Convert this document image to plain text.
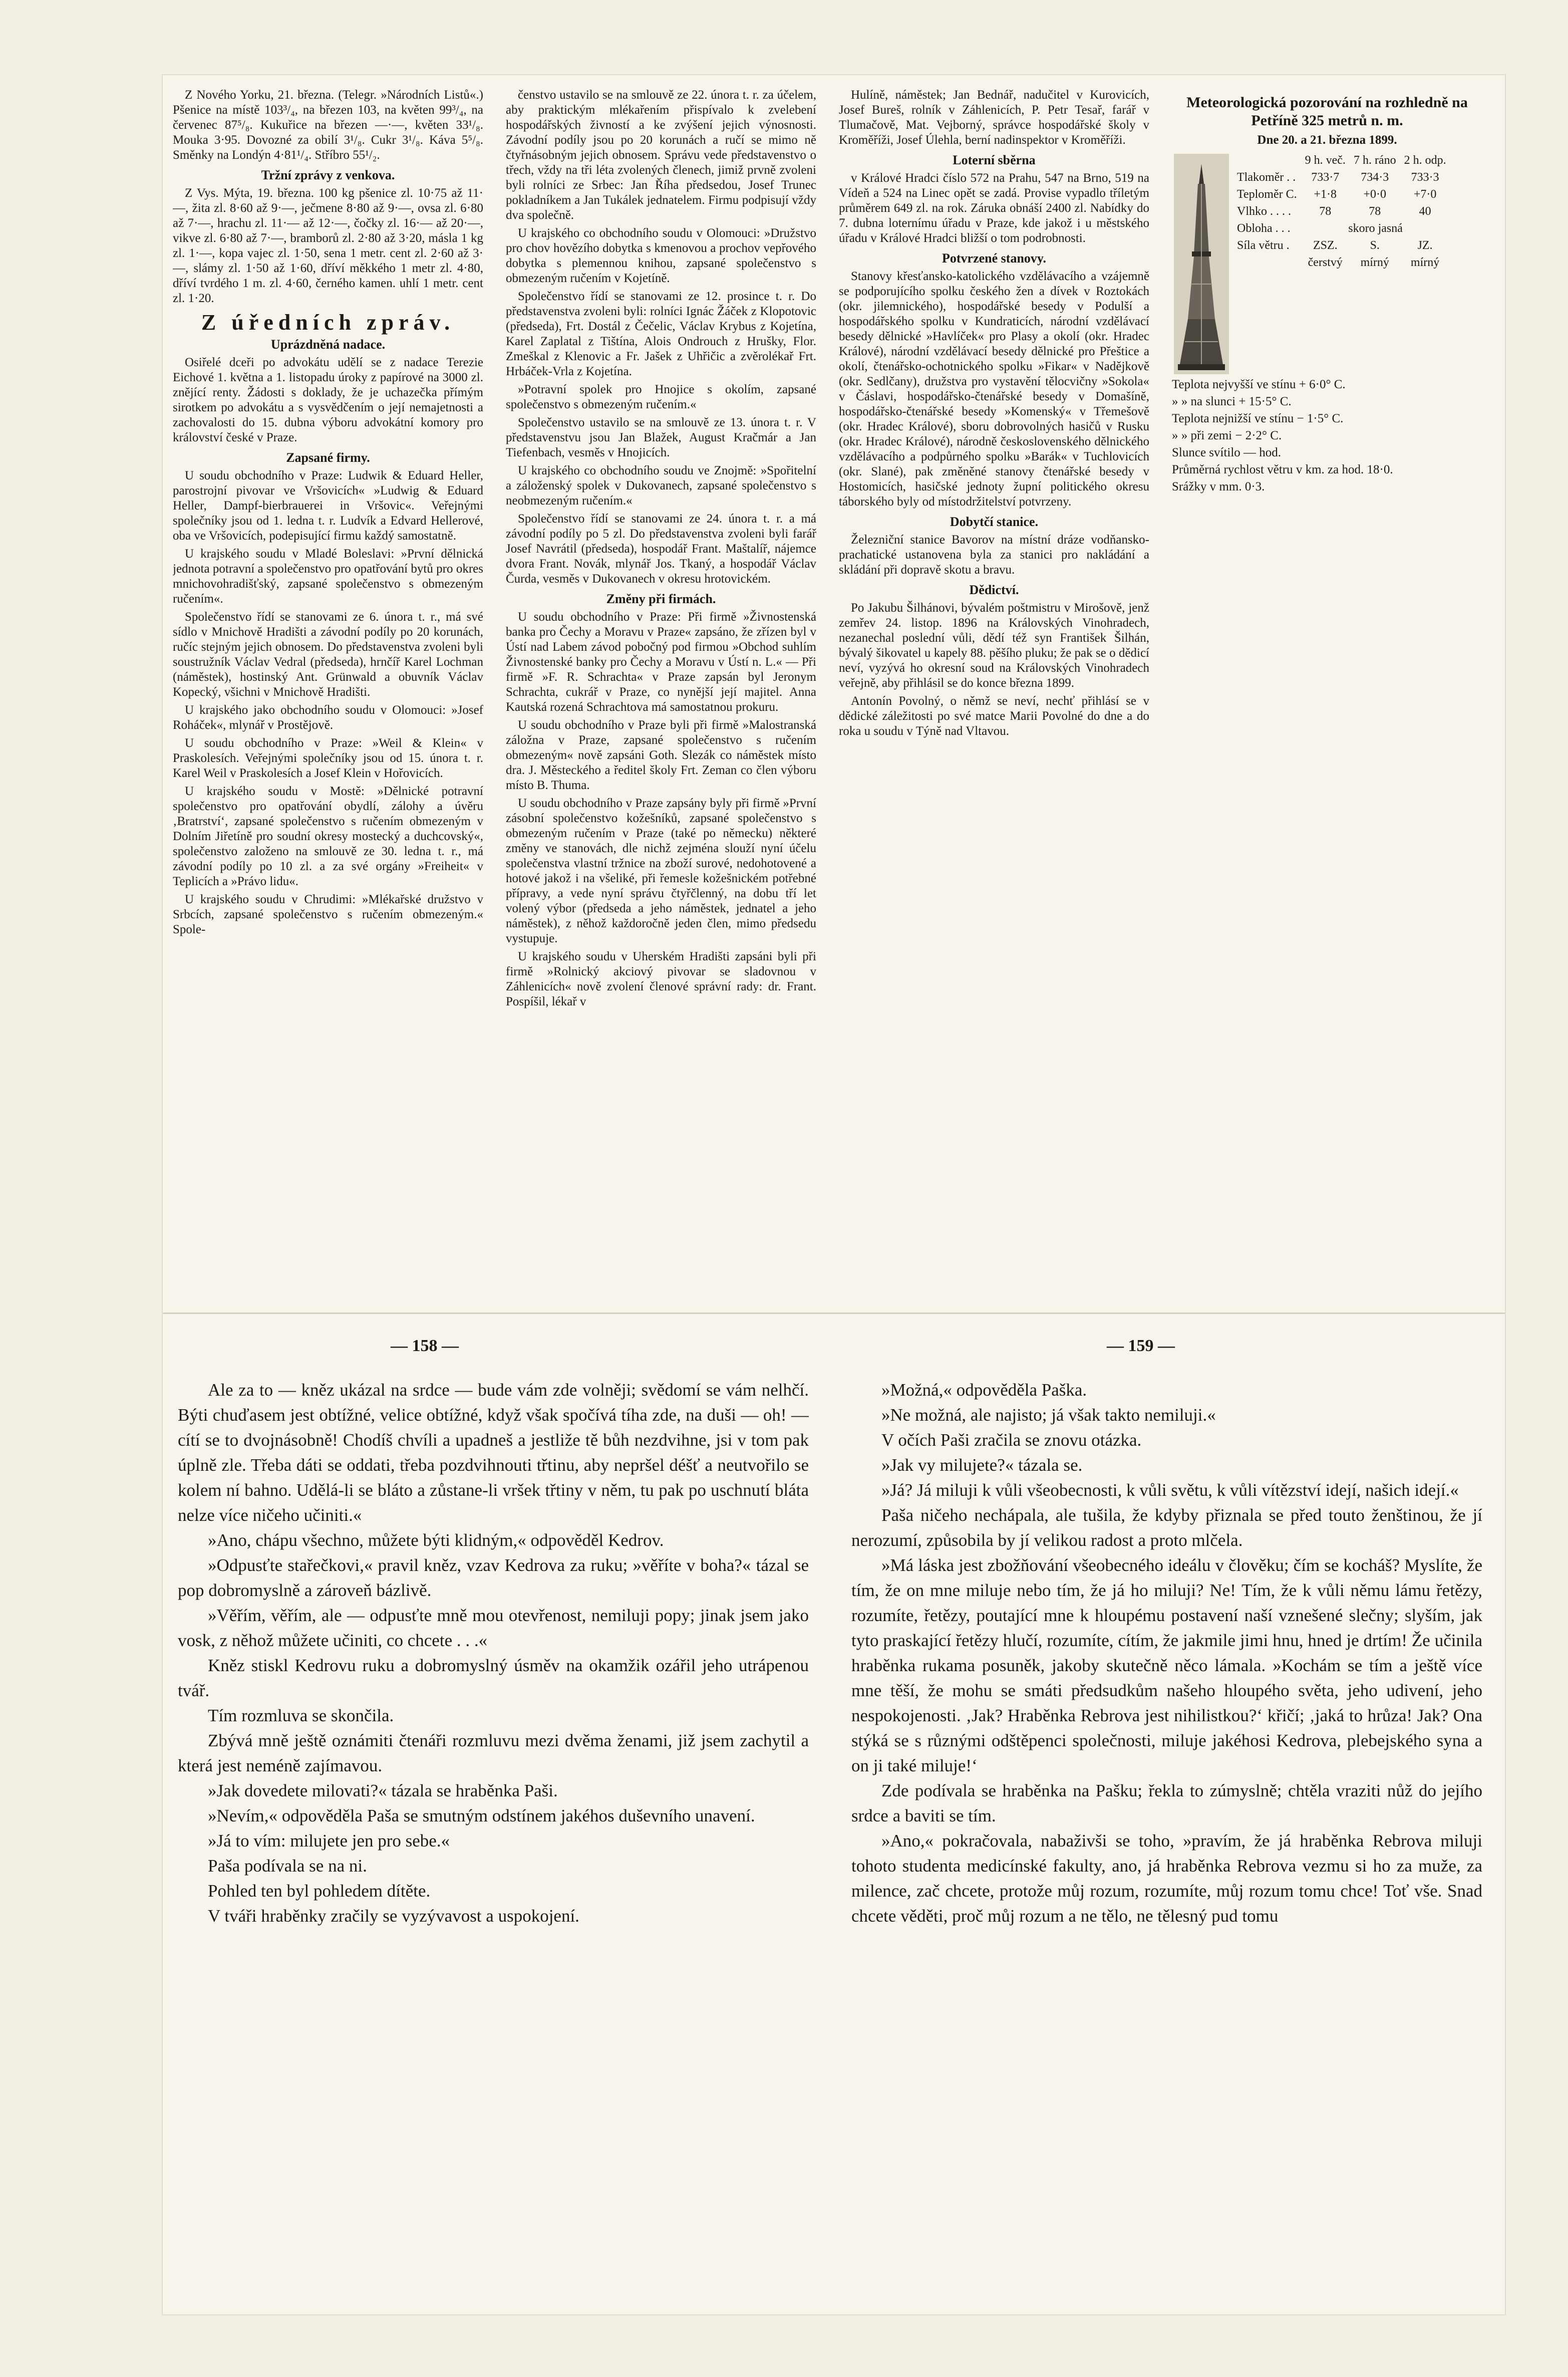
Z Nového Yorku, 21. března. (Telegr. »Národních Listů«.) Pšenice na místě 103³/₄, na březen 103, na květen 99³/₄, na červenec 87⁵/₈. Kukuřice na březen —·—, květen 33¹/₈. Mouka 3·95. Dovozné za obilí 3¹/₈. Cukr 3¹/₈. Káva 5⁵/₈. Směnky na Londýn 4·81¹/₄. Stříbro 55¹/₂.

Tržní zprávy z venkova.

Z Vys. Mýta, 19. března. 100 kg pšenice zl. 10·75 až 11·—, žita zl. 8·60 až 9·—, ječmene 8·80 až 9·—, ovsa zl. 6·80 až 7·—, hrachu zl. 11·— až 12·—, čočky zl. 16·— až 20·—, vikve zl. 6·80 až 7·—, bramborů zl. 2·80 až 3·20, másla 1 kg zl. 1·—, kopa vajec zl. 1·50, sena 1 metr. cent zl. 2·60 až 3·—, slámy zl. 1·50 až 1·60, dříví měkkého 1 metr zl. 4·80, dříví tvrdého 1 m. zl. 4·60, černého kamen. uhlí 1 metr. cent zl. 1·20.

Z úředních zpráv.
Uprázdněná nadace.

Osiřelé dceři po advokátu udělí se z nadace Terezie Eichové 1. května a 1. listopadu úroky z papírové na 3000 zl. znějící renty. Žádosti s doklady, že je uchazečka přímým sirotkem po advokátu a s vysvědčením o její nemajetnosti a zachovalosti do 15. dubna výboru advokátní komory pro království české v Praze.

Zapsané firmy.

U soudu obchodního v Praze: Ludwik & Eduard Heller, parostrojní pivovar ve Vršovicích« »Ludwig & Eduard Heller, Dampf-bierbrauerei in Vršovic«. Veřejnými společníky jsou od 1. ledna t. r. Ludvík a Edvard Hellerové, oba ve Vršovicích, podepisující firmu každý samostatně.

U krajského soudu v Mladé Boleslavi: »První dělnická jednota potravní a společenstvo pro opatřování bytů pro okres mnichovohradišťský, zapsané společenstvo s obmezeným ručením«.

Společenstvo řídí se stanovami ze 6. února t. r., má své sídlo v Mnichově Hradišti a závodní podíly po 20 korunách, ručíc stejným jejich obnosem. Do představenstva zvoleni byli soustružník Václav Vedral (předseda), hrnčíř Karel Lochman (náměstek), hostinský Ant. Grünwald a obuvník Václav Kopecký, všichni v Mnichově Hradišti.

U krajského jako obchodního soudu v Olomouci: »Josef Roháček«, mlynář v Prostějově.

U soudu obchodního v Praze: »Weil & Klein« v Praskolesích. Veřejnými společníky jsou od 15. února t. r. Karel Weil v Praskolesích a Josef Klein v Hořovicích.

U krajského soudu v Mostě: »Dělnické potravní společenstvo pro opatřování obydlí, zálohy a úvěru ‚Bratrství‘, zapsané společenstvo s ručením obmezeným v Dolním Jiřetíně pro soudní okresy mostecký a duchcovský«, společenstvo založeno na smlouvě ze 30. ledna t. r., má závodní podíly po 10 zl. a za své orgány »Freiheit« v Teplicích a »Právo lidu«.

U krajského soudu v Chrudimi: »Mlékařské družstvo v Srbcích, zapsané společenstvo s ručením obmezeným.« Spole-

čenstvo ustavilo se na smlouvě ze 22. února t. r. za účelem, aby praktickým mlékařením přispívalo k zvelebení hospodářských živností a ke zvýšení jejich výnosnosti. Závodní podíly jsou po 20 korunách a ručí se mimo ně čtyřnásobným jejich obnosem. Správu vede představenstvo o třech, vždy na tři léta zvolených členech, jimiž prvně zvoleni byli rolníci ze Srbec: Jan Říha předsedou, Josef Trunec pokladníkem a Jan Tukálek jednatelem. Firmu podpisují vždy dva společně.

U krajského co obchodního soudu v Olomouci: »Družstvo pro chov hovězího dobytka s kmenovou a prochov vepřového dobytka s plemennou knihou, zapsané společenstvo s obmezeným ručením v Kojetíně.

Společenstvo řídí se stanovami ze 12. prosince t. r. Do představenstva zvoleni byli: rolníci Ignác Žáček z Klopotovic (předseda), Frt. Dostál z Čečelic, Václav Krybus z Kojetína, Karel Zaplatal z Tištína, Alois Ondrouch z Hrušky, Flor. Zmeškal z Klenovic a Fr. Jašek z Uhřičic a zvěrolékař Frt. Hrbáček-Vrla z Kojetína.

»Potravní spolek pro Hnojice s okolím, zapsané společenstvo s obmezeným ručením.«

Společenstvo ustavilo se na smlouvě ze 13. února t. r. V představenstvu jsou Jan Blažek, August Kračmár a Jan Tiefenbach, vesměs v Hnojicích.

U krajského co obchodního soudu ve Znojmě: »Spořitelní a záloženský spolek v Dukovanech, zapsané společenstvo s neobmezeným ručením.«

Společenstvo řídí se stanovami ze 24. února t. r. a má závodní podíly po 5 zl. Do představenstva zvoleni byli farář Josef Navrátil (předseda), hospodář Frant. Maštalíř, nájemce dvora Frant. Novák, mlynář Jos. Tkaný, a hospodář Václav Čurda, vesměs v Dukovanech v okresu hrotovickém.

Změny při firmách.

U soudu obchodního v Praze: Při firmě »Živnostenská banka pro Čechy a Moravu v Praze« zapsáno, že zřízen byl v Ústí nad Labem závod pobočný pod firmou »Obchod suhlím Živnostenské banky pro Čechy a Moravu v Ústí n. L.« — Při firmě »F. R. Schrachta« v Praze zapsán byl Jeronym Schrachta, cukrář v Praze, co nynější její majitel. Anna Kautská rozená Schrachtova má samostatnou prokuru.

U soudu obchodního v Praze byli při firmě »Malostranská záložna v Praze, zapsané společenstvo s ručením obmezeným« nově zapsáni Goth. Slezák co náměstek místo dra. J. Městeckého a ředitel školy Frt. Zeman co člen výboru místo B. Thuma.

U soudu obchodního v Praze zapsány byly při firmě »První zásobní společenstvo kožešníků, zapsané společenstvo s obmezeným ručením v Praze (také po německu) některé změny ve stanovách, dle nichž zejména slouží nyní účelu společenstva vlastní tržnice na zboží surové, nedohotovené a hotové jakož i na všeliké, při řemesle kožešnickém potřebné přípravy, a vede nyní správu čtyřčlenný, na dobu tří let volený výbor (předseda a jeho náměstek, jednatel a jeho náměstek), z něhož každoročně jeden člen, mimo předsedu vystupuje.

U krajského soudu v Uherském Hradišti zapsáni byli při firmě »Rolnický akciový pivovar se sladovnou v Záhlenicích« nově zvolení členové správní rady: dr. Frant. Pospíšil, lékař v

Hulíně, náměstek; Jan Bednář, nadučitel v Kurovicích, Josef Bureš, rolník v Záhlenicích, P. Petr Tesař, farář v Tlumačově, Mat. Vejborný, správce hospodářské školy v Kroměříži, Josef Úlehla, berní nadinspektor v Kroměříži.

Loterní sběrna

v Králové Hradci číslo 572 na Prahu, 547 na Brno, 519 na Vídeň a 524 na Linec opět se zadá. Provise vypadlo tříletým průměrem 649 zl. na rok. Záruka obnáší 2400 zl. Nabídky do 7. dubna loternímu úřadu v Praze, kde jakož i u městského úřadu v Králové Hradci bližší o tom podrobnosti.

Potvrzené stanovy.

Stanovy křesťansko-katolického vzdělávacího a vzájemně se podporujícího spolku českého žen a dívek v Roztokách (okr. jilemnického), hospodářské besedy v Podulší a hospodářského spolku v Kundraticích, národní vzdělávací besedy dělnické »Havlíček« pro Plasy a okolí (okr. Hradec Králové), národní vzdělávací besedy dělnické pro Přeštice a okolí, čtenářsko-ochotnického spolku »Fikar« v Nadějkově (okr. Sedlčany), družstva pro vystavění tělocvičny »Sokola« v Čáslavi, hospodářsko-čtenářské besedy v Domašíně, hospodářsko-čtenářské besedy »Komenský« v Třemešově (okr. Hradec Králové), sboru dobrovolných hasičů v Rusku (okr. Hradec Králové), národně československého dělnického vzdělávacího a podpůrného spolku »Barák« v Tuchlovicích (okr. Slané), pak změněné stanovy čtenářské besedy v Hostomicích, hasičské jednoty župní politického okresu táborského byly od místodržitelství potvrzeny.

Dobytčí stanice.

Železniční stanice Bavorov na místní dráze vodňansko-prachatické ustanovena byla za stanici pro nakládání a skládání při dopravě skotu a bravu.

Dědictví.

Po Jakubu Šilhánovi, bývalém poštmistru v Mirošově, jenž zemřev 24. listop. 1896 na Královských Vinohradech, nezanechal poslední vůli, dědí též syn František Šilhán, bývalý šikovatel u kapely 88. pěšího pluku; že pak se o dědicí neví, vyzývá ho okresní soud na Královských Vinohradech veřejně, aby přihlásil se do konce března 1899.

Antonín Povolný, o němž se neví, nechť přihlásí se v dědické záležitosti po své matce Marii Povolné do dne a do roka u soudu v Týně nad Vltavou.

Meteorologická pozorování na rozhledně na Petříně 325 metrů n. m.
Dne 20. a 21. března 1899.
	9 h. več.	7 h. ráno	2 h. odp.
Tlakoměr . .	733·7	734·3	733·3
Teploměr C.	+1·8	+0·0	+7·0
Vlhko . . . .	78	78	40
Obloha . . .	skoro jasná		
Síla větru .	ZSZ.	S.	JZ.
	čerstvý	mírný	mírný
Teplota nejvyšší ve stínu + 6·0° C.
» » na slunci + 15·5° C.
Teplota nejnižší ve stínu − 1·5° C.
» » při zemi − 2·2° C.
Slunce svítilo — hod.
Průměrná rychlost větru v km. za hod. 18·0.
Srážky v mm. 0·3.
— 158 —	— 159 —

Ale za to — kněz ukázal na srdce — bude vám zde volněji; svědomí se vám nelhčí. Býti chuďasem jest obtížné, velice obtížné, když však spočívá tíha zde, na duši — oh! — cítí se to dvojnásobně! Chodíš chvíli a upadneš a jestliže tě bůh nezdvihne, jsi v tom pak úplně zle. Třeba dáti se oddati, třeba pozdvihnouti třtinu, aby nepršel déšť a neutvořilo se kolem ní bahno. Udělá-li se bláto a zůstane-li vršek třtiny v něm, tu pak po uschnutí bláta nelze více ničeho učiniti.«

»Ano, chápu všechno, můžete býti klidným,« odpověděl Kedrov.

»Odpusťte stařečkovi,« pravil kněz, vzav Kedrova za ruku; »věříte v boha?« tázal se pop dobromyslně a zároveň bázlivě.

»Věřím, věřím, ale — odpusťte mně mou otevřenost, nemiluji popy; jinak jsem jako vosk, z něhož můžete učiniti, co chcete . . .«

Kněz stiskl Kedrovu ruku a dobromyslný úsměv na okamžik ozářil jeho utrápenou tvář.

Tím rozmluva se skončila.

Zbývá mně ještě oznámiti čtenáři rozmluvu mezi dvěma ženami, již jsem zachytil a která jest neméně zajímavou.

»Jak dovedete milovati?« tázala se hraběnka Paši.

»Nevím,« odpověděla Paša se smutným odstínem jakéhos duševního unavení.

»Já to vím: milujete jen pro sebe.«

Paša podívala se na ni.

Pohled ten byl pohledem dítěte.

V tváři hraběnky zračily se vyzývavost a uspokojení.

»Možná,« odpověděla Paška.

»Ne možná, ale najisto; já však takto nemiluji.«

V očích Paši zračila se znovu otázka.

»Jak vy milujete?« tázala se.

»Já? Já miluji k vůli všeobecnosti, k vůli světu, k vůli vítězství idejí, našich idejí.«

Paša ničeho nechápala, ale tušila, že kdyby přiznala se před touto ženštinou, že jí nerozumí, způsobila by jí velikou radost a proto mlčela.

»Má láska jest zbožňování všeobecného ideálu v člověku; čím se kocháš? Myslíte, že tím, že on mne miluje nebo tím, že já ho miluji? Ne! Tím, že k vůli němu lámu řetězy, rozumíte, řetězy, poutající mne k hloupému postavení naší vznešené slečny; slyším, jak tyto praskající řetězy hlučí, rozumíte, cítím, že jakmile jimi hnu, hned je drtím! Že učinila hraběnka rukama posuněk, jakoby skutečně něco lámala. »Kochám se tím a ještě více mne těší, že mohu se smáti předsudkům našeho hloupého světa, jeho udivení, jeho nespokojenosti. ‚Jak? Hraběnka Rebrova jest nihilistkou?‘ křičí; ‚jaká to hrůza! Jak? Ona stýká se s různými odštěpenci společnosti, miluje jakéhosi Kedrova, plebejského syna a on ji také miluje!‘

Zde podívala se hraběnka na Pašku; řekla to zúmyslně; chtěla vraziti nůž do jejího srdce a baviti se tím.

»Ano,« pokračovala, nabaživši se toho, »pravím, že já hraběnka Rebrova miluji tohoto studenta medicínské fakulty, ano, já hraběnka Rebrova vezmu si ho za muže, za milence, zač chcete, protože můj rozum, rozumíte, můj rozum tomu chce! Toť vše. Snad chcete věděti, proč můj rozum a ne tělo, ne tělesný pud tomu
